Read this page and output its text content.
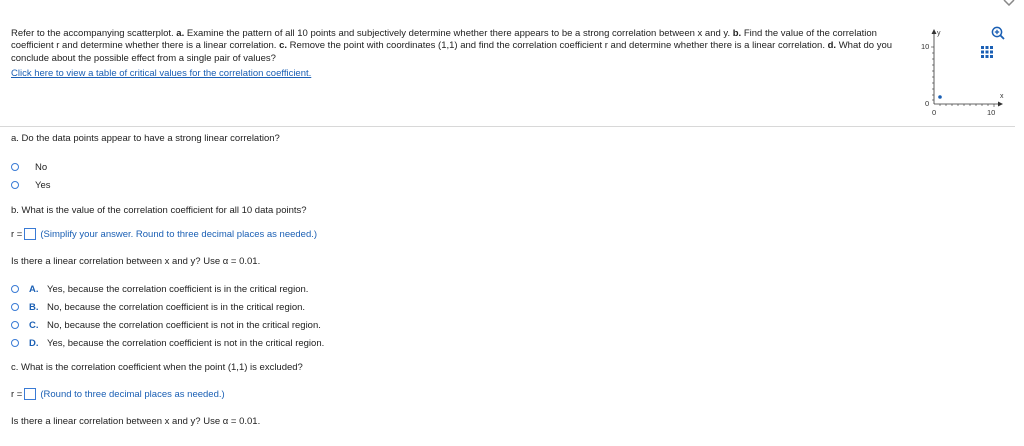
Refer to the accompanying scatterplot. a. Examine the pattern of all 10 points and subjectively determine whether there appears to be a strong correlation between x and y. b. Find the value of the correlation coefficient r and determine whether there is a linear correlation. c. Remove the point with coordinates (1,1) and find the correlation coefficient r and determine whether there is a linear correlation. d. What do you conclude about the possible effect from a single pair of values?
Click here to view a table of critical values for the correlation coefficient.
y
x
10
0
0	10
a. Do the data points appear to have a strong linear correlation?
No
Yes
b. What is the value of the correlation coefficient for all 10 data points?
r = (Simplify your answer. Round to three decimal places as needed.)
Is there a linear correlation between x and y? Use α = 0.01.
A. Yes, because the correlation coefficient is in the critical region.
B. No, because the correlation coefficient is in the critical region.
C. No, because the correlation coefficient is not in the critical region.
D. Yes, because the correlation coefficient is not in the critical region.
c. What is the correlation coefficient when the point (1,1) is excluded?
r = (Round to three decimal places as needed.)
Is there a linear correlation between x and y? Use α = 0.01.
